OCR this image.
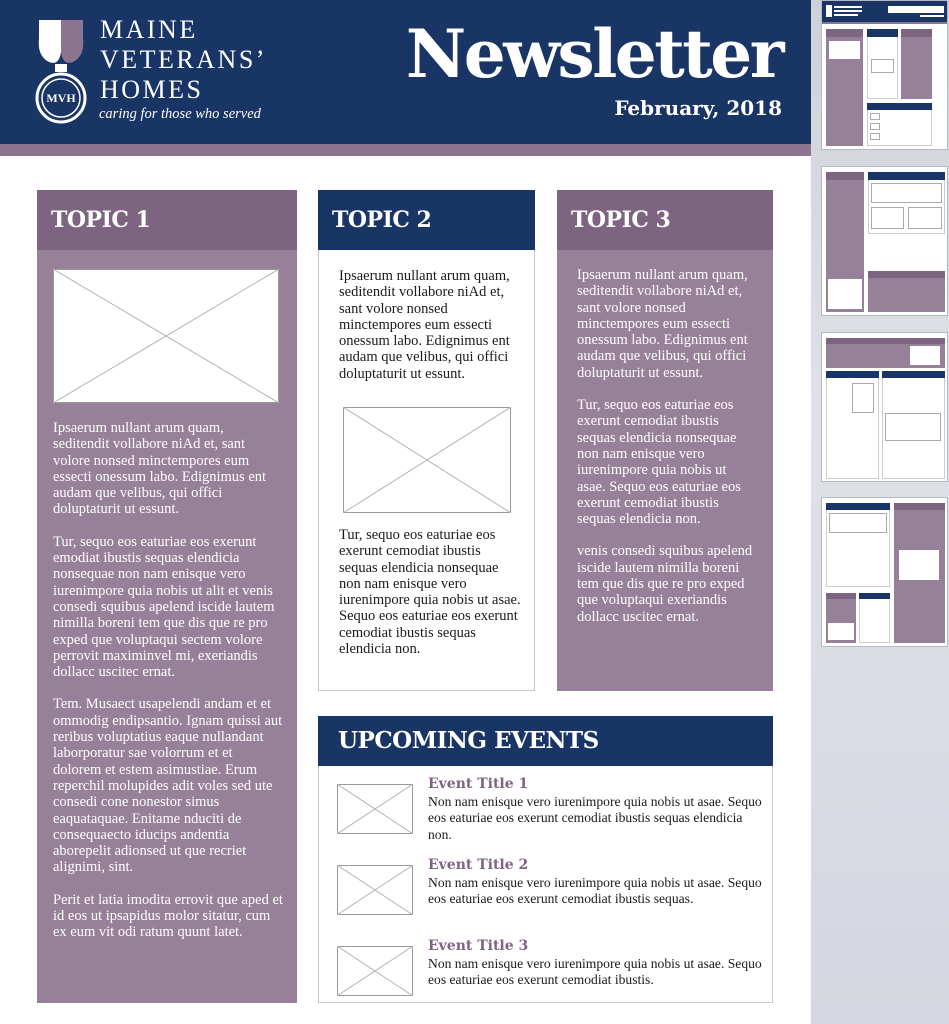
MVH
MAINE
VETERANS’
HOMES
caring for those who served
Newsletter
February, 2018
TOPIC 1

Ipsaerum nullant arum quam, seditendit vollabore niAd et, sant volore nonsed minctempores eum essecti onessum labo. Edignimus ent audam que velibus, qui offici doluptaturit ut essunt.

Tur, sequo eos eaturiae eos exerunt emodiat ibustis sequas elendicia nonsequae non nam enisque vero iurenimpore quia nobis ut alit et venis consedi squibus apelend iscide lautem nimilla boreni tem que dis que re pro exped que voluptaqui sectem volore perrovit maximinvel mi, exeriandis dollacc uscitec ernat.

Tem. Musaect usapelendi andam et et ommodig endipsantio. Ignam quissi aut reribus voluptatius eaque nullandant laborporatur sae volorrum et et dolorem et estem asimustiae. Erum reperchil molupides adit voles sed ute consedi cone nonestor simus eaquataquae. Enitame nduciti de consequaecto iducips andentia aborepelit adionsed ut que recriet alignimi, sint.

Perit et latia imodita errovit que aped et id eos ut ipsapidus molor sitatur, cum ex eum vit odi ratum quunt latet.

TOPIC 2
Ipsaerum nullant arum quam, seditendit vollabore niAd et, sant volore nonsed minctempores eum essecti onessum labo. Edignimus ent audam que velibus, qui offici doluptaturit ut essunt.
Tur, sequo eos eaturiae eos exerunt cemodiat ibustis sequas elendicia nonsequae non nam enisque vero iurenimpore quia nobis ut asae. Sequo eos eaturiae eos exerunt cemodiat ibustis sequas elendicia non.
TOPIC 3

Ipsaerum nullant arum quam, seditendit vollabore niAd et, sant volore nonsed minctempores eum essecti onessum labo. Edignimus ent audam que velibus, qui offici doluptaturit ut essunt.

Tur, sequo eos eaturiae eos exerunt cemodiat ibustis sequas elendicia nonsequae non nam enisque vero iurenimpore quia nobis ut asae. Sequo eos eaturiae eos exerunt cemodiat ibustis sequas elendicia non.

venis consedi squibus apelend iscide lautem nimilla boreni tem que dis que re pro exped que voluptaqui exeriandis dollacc uscitec ernat.

UPCOMING EVENTS
Event Title 1
Non nam enisque vero iurenimpore quia nobis ut asae. Sequo eos eaturiae eos exerunt cemodiat ibustis sequas elendicia non.
Event Title 2
Non nam enisque vero iurenimpore quia nobis ut asae. Sequo eos eaturiae eos exerunt cemodiat ibustis sequas.
Event Title 3
Non nam enisque vero iurenimpore quia nobis ut asae. Sequo eos eaturiae eos exerunt cemodiat ibustis.
